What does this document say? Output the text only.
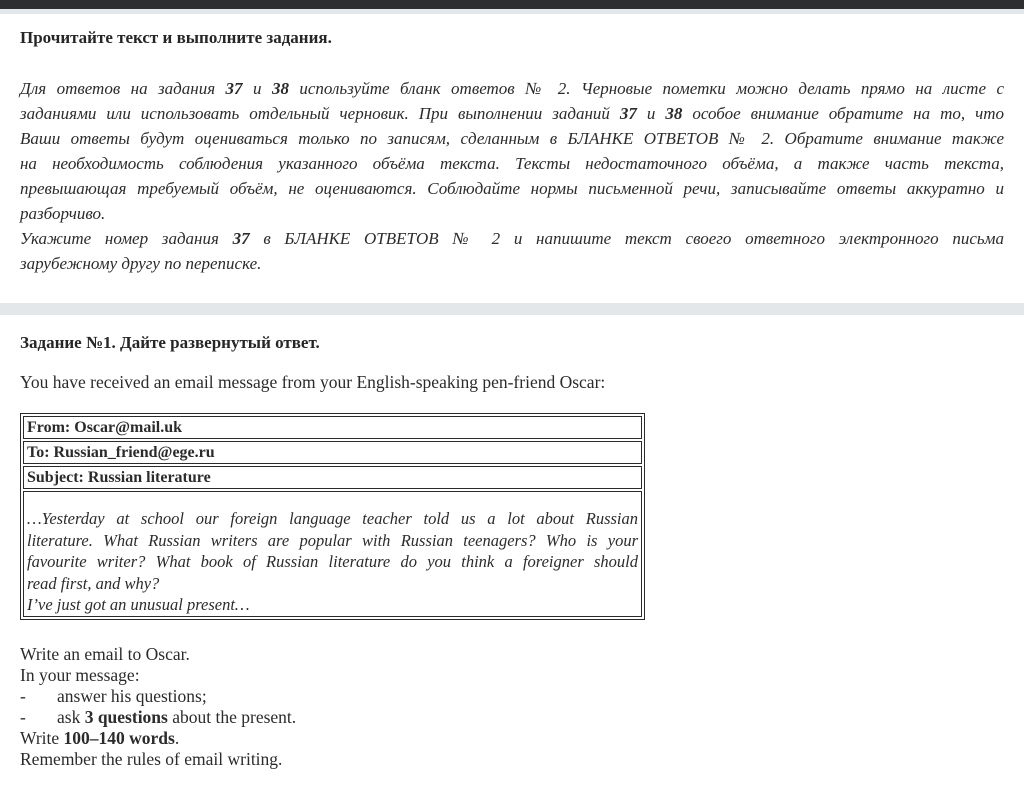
Прочитайте текст и выполните задания.
Для ответов на задания 37 и 38 используйте бланк ответов № 2. Черновые пометки можно делать прямо на листе с
заданиями или использовать отдельный черновик. При выполнении заданий 37 и 38 особое внимание обратите на то, что
Ваши ответы будут оцениваться только по записям, сделанным в БЛАНКЕ ОТВЕТОВ № 2. Обратите внимание также
на необходимость соблюдения указанного объёма текста. Тексты недостаточного объёма, а также часть текста,
превышающая требуемый объём, не оцениваются. Соблюдайте нормы письменной речи, записывайте ответы аккуратно и
разборчиво.
Укажите номер задания 37 в БЛАНКЕ ОТВЕТОВ № 2 и напишите текст своего ответного электронного письма
зарубежному другу по переписке.
Задание №1. Дайте развернутый ответ.
You have received an email message from your English-speaking pen-friend Oscar:
From: Oscar@mail.uk
To: Russian_friend@ege.ru
Subject: Russian literature

…Yesterday at school our foreign language teacher told us a lot about Russian
literature. What Russian writers are popular with Russian teenagers? Who is your
favourite writer? What book of Russian literature do you think a foreigner should
read first, and why?
I’ve just got an unusual present…
Write an email to Oscar.
In your message:
-	answer his questions;
-	ask 3 questions about the present.
Write 100–140 words.
Remember the rules of email writing.
